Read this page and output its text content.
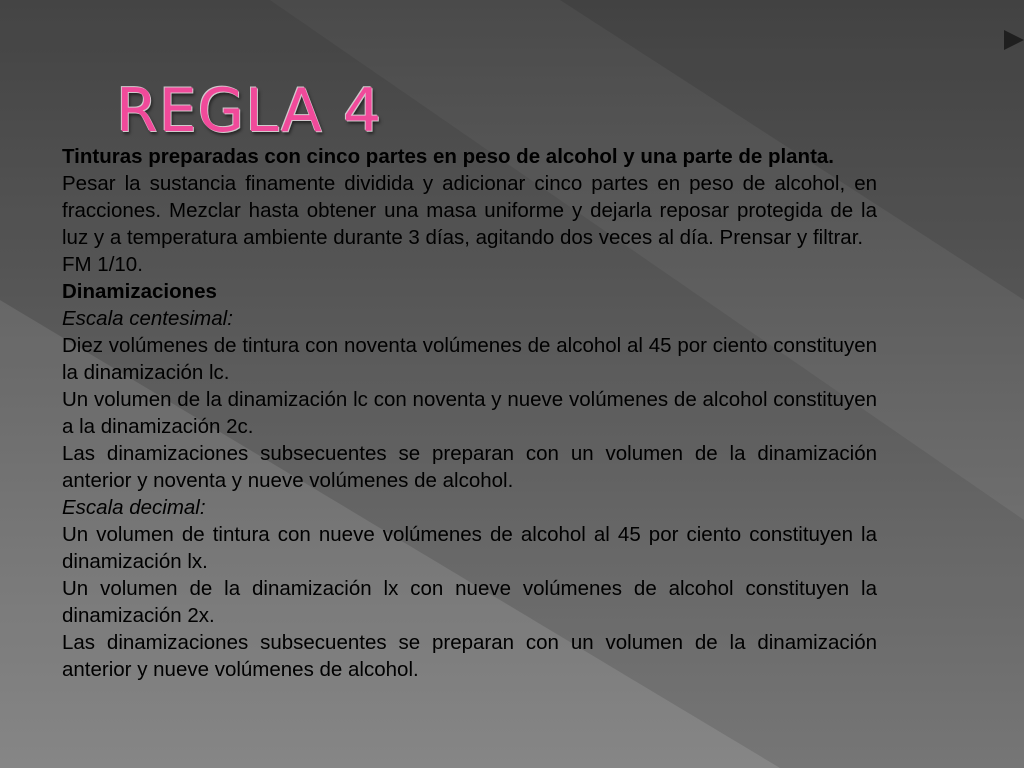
REGLA 4

Tinturas preparadas con cinco partes en peso de alcohol y una parte de planta.

Pesar la sustancia finamente dividida y adicionar cinco partes en peso de alcohol, en fracciones. Mezclar hasta obtener una masa uniforme y dejarla reposar protegida de la luz y a temperatura ambiente durante 3 días, agitando dos veces al día. Prensar y filtrar.

FM 1/10.

Dinamizaciones

Escala centesimal:

Diez volúmenes de tintura con noventa volúmenes de alcohol al 45 por ciento constituyen la dinamización lc.

Un volumen de la dinamización lc con noventa y nueve volúmenes de alcohol constituyen a la dinamización 2c.

Las dinamizaciones subsecuentes se preparan con un volumen de la dinamización anterior y noventa y nueve volúmenes de alcohol.

Escala decimal:

Un volumen de tintura con nueve volúmenes de alcohol al 45 por ciento constituyen la dinamización lx.

Un volumen de la dinamización lx con nueve volúmenes de alcohol constituyen la dinamización 2x.

Las dinamizaciones subsecuentes se preparan con un volumen de la dinamización anterior y nueve volúmenes de alcohol.
